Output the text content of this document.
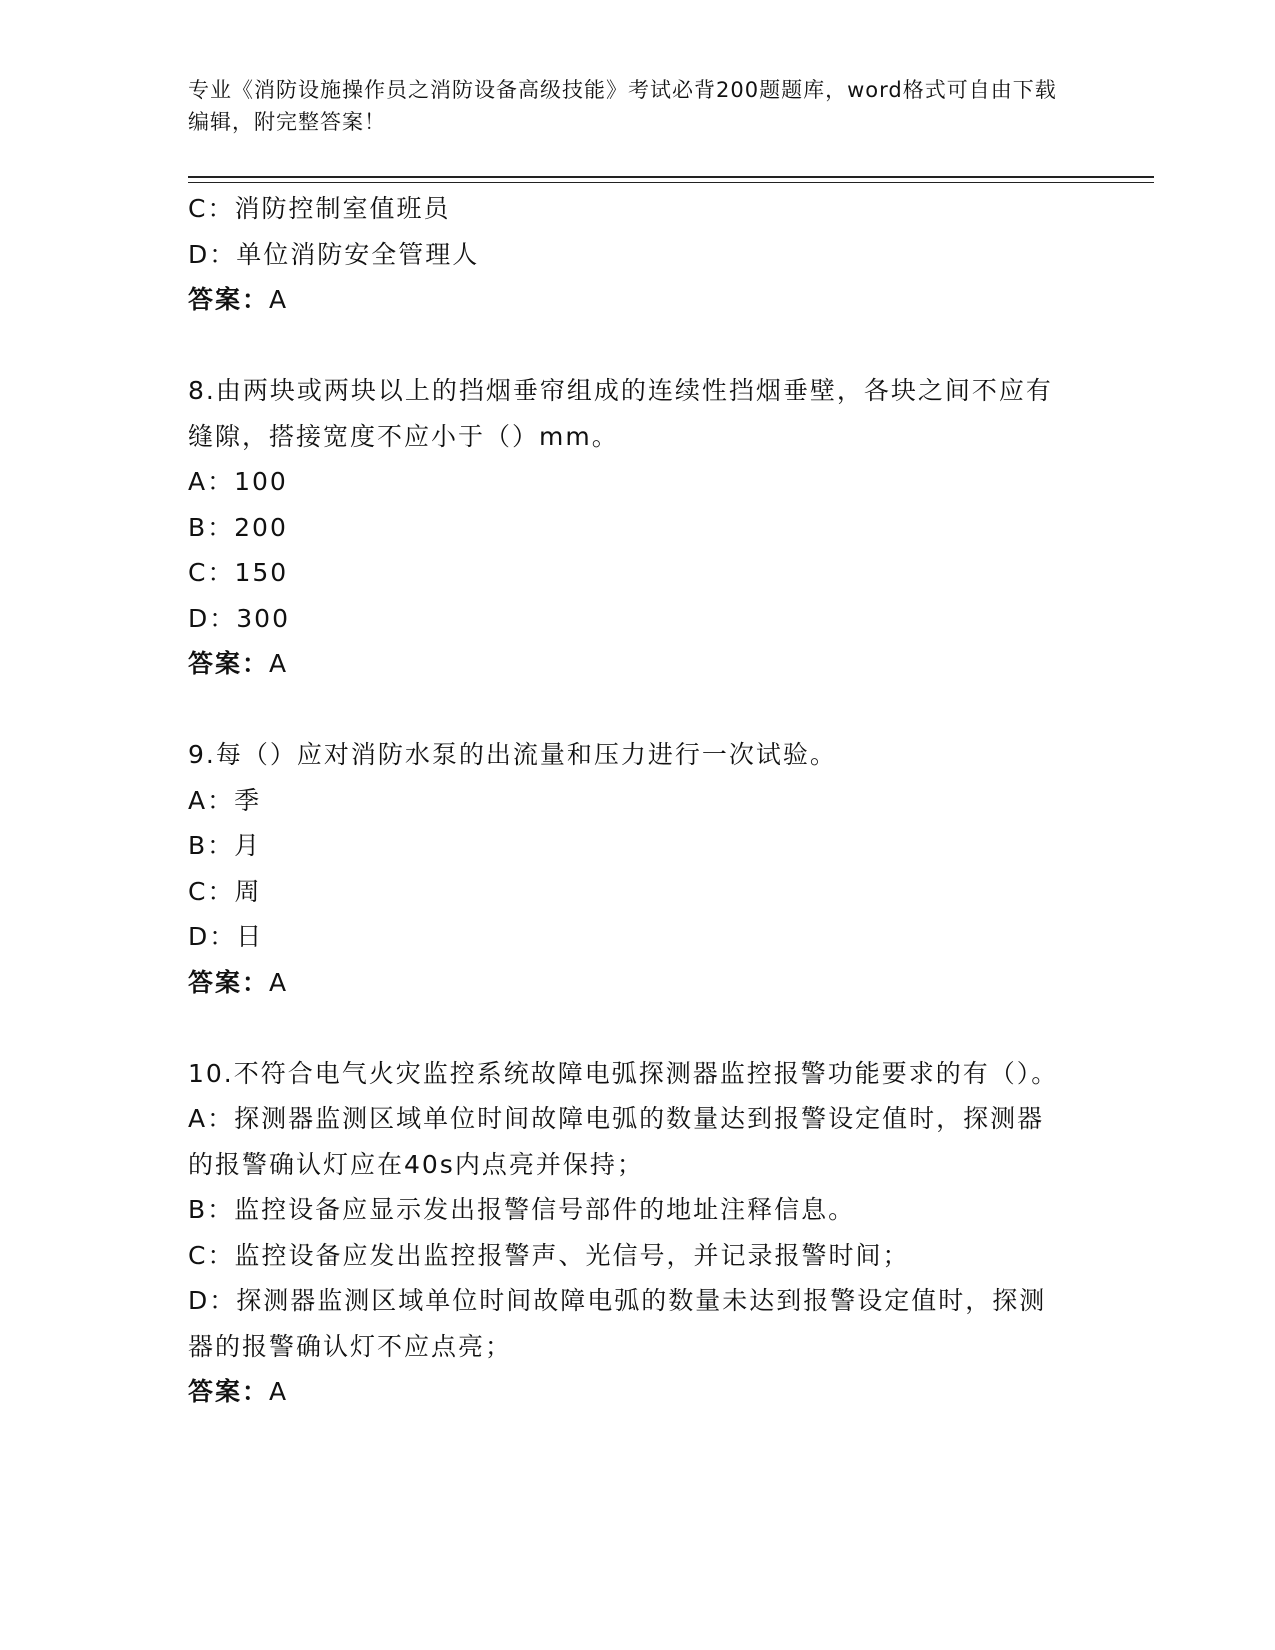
专业《消防设施操作员之消防设备高级技能》考试必背200题题库，word格式可自由下载编辑，附完整答案！
C：消防控制室值班员
D：单位消防安全管理人
答案：A
8.由两块或两块以上的挡烟垂帘组成的连续性挡烟垂壁，各块之间不应有缝隙，搭接宽度不应小于（）mm。
A：100
B：200
C：150
D：300
答案：A
9.每（）应对消防水泵的出流量和压力进行一次试验。
A：季
B：月
C：周
D：日
答案：A
10.不符合电气火灾监控系统故障电弧探测器监控报警功能要求的有（）。
A：探测器监测区域单位时间故障电弧的数量达到报警设定值时，探测器的报警确认灯应在40s内点亮并保持；
B：监控设备应显示发出报警信号部件的地址注释信息。
C：监控设备应发出监控报警声、光信号，并记录报警时间；
D：探测器监测区域单位时间故障电弧的数量未达到报警设定值时，探测器的报警确认灯不应点亮；
答案：A
